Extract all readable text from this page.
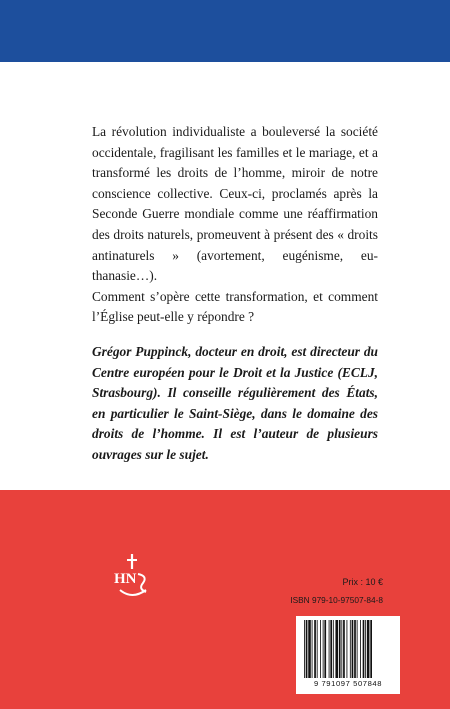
La révolution individualiste a bouleversé la société occidentale, fragilisant les familles et le mariage, et a transformé les droits de l’homme, miroir de notre conscience collective. Ceux-ci, proclamés après la Seconde Guerre mondiale comme une réaffirmation des droits naturels, promeuvent à présent des « droits antinaturels » (avortement, eugénisme, euthanasie…).

Comment s’opère cette transformation, et comment l’Église peut-elle y répondre ?

Grégor Puppinck, docteur en droit, est directeur du Centre européen pour le Droit et la Justice (ECLJ, Strasbourg). Il conseille régulièrement des États, en particulier le Saint-Siège, dans le domaine des droits de l’homme. Il est l’auteur de plusieurs ouvrages sur le sujet.

HN	Prix : 10 €
ISBN 979-10-97507-84-8
9 791097 507848
